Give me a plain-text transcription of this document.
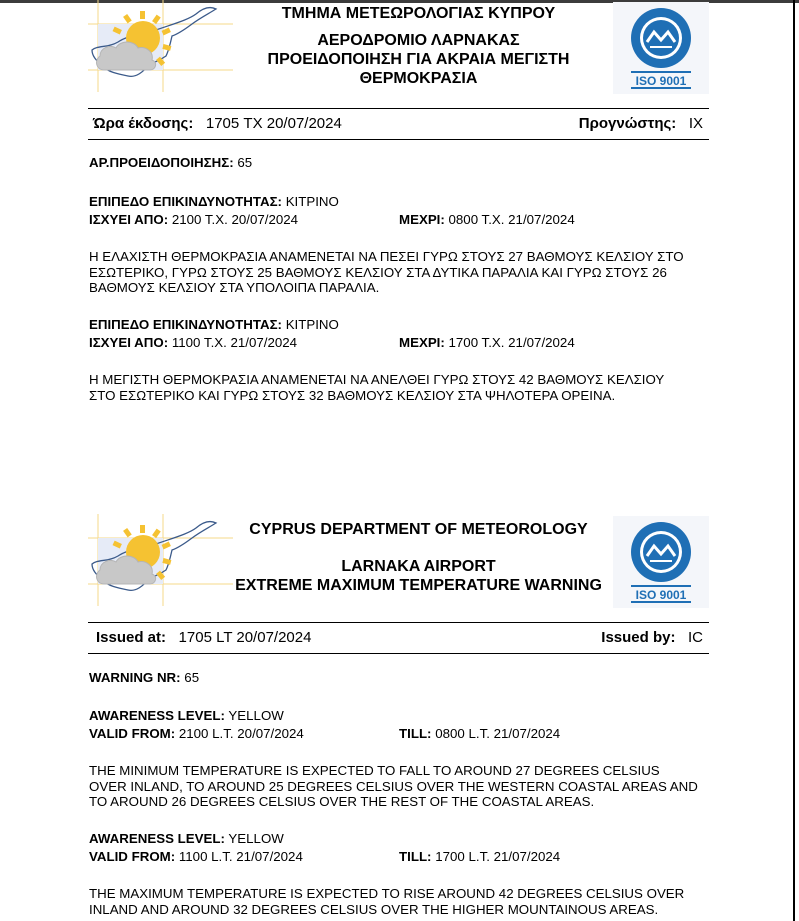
ΤΜΗΜΑ ΜΕΤΕΩΡΟΛΟΓΙΑΣ ΚΥΠΡΟΥ
ΑΕΡΟΔΡΟΜΙΟ ΛΑΡΝΑΚΑΣ
ΠΡΟΕΙΔΟΠΟΙΗΣΗ ΓΙΑ ΑΚΡΑΙΑ ΜΕΓΙΣΤΗ
ΘΕΡΜΟΚΡΑΣΙΑ	ISO 9001
Ώρα έκδοσης: 1705 TX 20/07/2024	Προγνώστης: IX
ΑΡ.ΠΡΟΕΙΔΟΠΟΙΗΣΗΣ: 65
ΕΠΙΠΕΔΟ ΕΠΙΚΙΝΔΥΝΟΤΗΤΑΣ: ΚΙΤΡΙΝΟ
ΙΣΧΥΕΙ ΑΠΟ: 2100 Τ.Χ. 20/07/2024	ΜΕΧΡΙ: 0800 Τ.Χ. 21/07/2024
Η ΕΛΑΧΙΣΤΗ ΘΕΡΜΟΚΡΑΣΙΑ ΑΝΑΜΕΝΕΤΑΙ ΝΑ ΠΕΣΕΙ ΓΥΡΩ ΣΤΟΥΣ 27 ΒΑΘΜΟΥΣ ΚΕΛΣΙΟΥ ΣΤΟ ΕΣΩΤΕΡΙΚΟ, ΓΥΡΩ ΣΤΟΥΣ 25 ΒΑΘΜΟΥΣ ΚΕΛΣΙΟΥ ΣΤΑ ΔΥΤΙΚΑ ΠΑΡΑΛΙΑ ΚΑΙ ΓΥΡΩ ΣΤΟΥΣ 26 ΒΑΘΜΟΥΣ ΚΕΛΣΙΟΥ ΣΤΑ ΥΠΟΛΟΙΠΑ ΠΑΡΑΛΙΑ.
ΕΠΙΠΕΔΟ ΕΠΙΚΙΝΔΥΝΟΤΗΤΑΣ: ΚΙΤΡΙΝΟ
ΙΣΧΥΕΙ ΑΠΟ: 1100 Τ.Χ. 21/07/2024	ΜΕΧΡΙ: 1700 Τ.Χ. 21/07/2024
Η ΜΕΓΙΣΤΗ ΘΕΡΜΟΚΡΑΣΙΑ ΑΝΑΜΕΝΕΤΑΙ ΝΑ ΑΝΕΛΘΕΙ ΓΥΡΩ ΣΤΟΥΣ 42 ΒΑΘΜΟΥΣ ΚΕΛΣΙΟΥ ΣΤΟ ΕΣΩΤΕΡΙΚΟ ΚΑΙ ΓΥΡΩ ΣΤΟΥΣ 32 ΒΑΘΜΟΥΣ ΚΕΛΣΙΟΥ ΣΤΑ ΨΗΛΟΤΕΡΑ ΟΡΕΙΝΑ.
CYPRUS DEPARTMENT OF METEOROLOGY
LARNAKA AIRPORT
EXTREME MAXIMUM TEMPERATURE WARNING
ISO 9001
Issued at: 1705 LT 20/07/2024	Issued by: IC
WARNING NR: 65
AWARENESS LEVEL: YELLOW
VALID FROM: 2100 L.T. 20/07/2024	TILL: 0800 L.T. 21/07/2024
THE MINIMUM TEMPERATURE IS EXPECTED TO FALL TO AROUND 27 DEGREES CELSIUS OVER INLAND, TO AROUND 25 DEGREES CELSIUS OVER THE WESTERN COASTAL AREAS AND TO AROUND 26 DEGREES CELSIUS OVER THE REST OF THE COASTAL AREAS.
AWARENESS LEVEL: YELLOW
VALID FROM: 1100 L.T. 21/07/2024	TILL: 1700 L.T. 21/07/2024
THE MAXIMUM TEMPERATURE IS EXPECTED TO RISE AROUND 42 DEGREES CELSIUS OVER INLAND AND AROUND 32 DEGREES CELSIUS OVER THE HIGHER MOUNTAINOUS AREAS.
